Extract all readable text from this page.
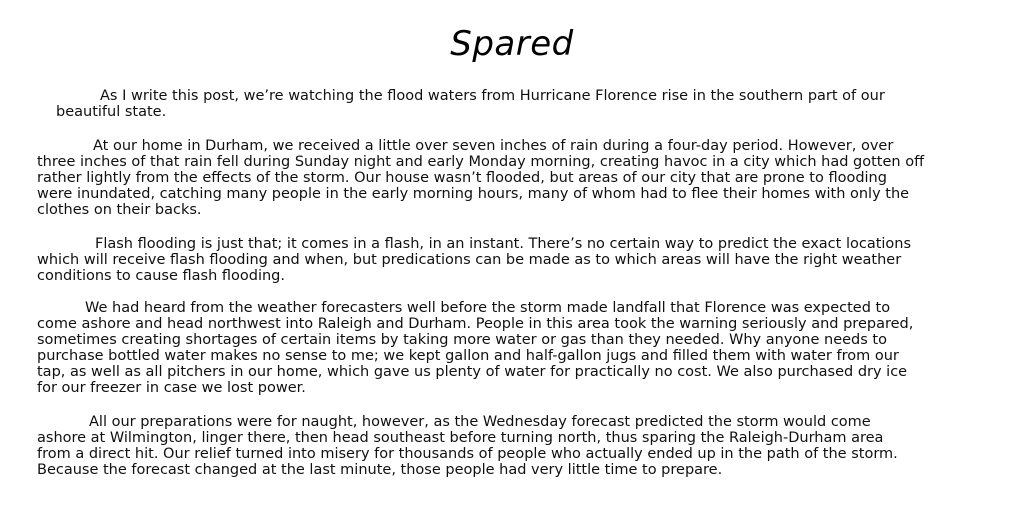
Spared

As I write this post, we’re watching the flood waters from Hurricane Florence rise in the southern part of our
beautiful state.

At our home in Durham, we received a little over seven inches of rain during a four-day period. However, over
three inches of that rain fell during Sunday night and early Monday morning, creating havoc in a city which had gotten off
rather lightly from the effects of the storm. Our house wasn’t flooded, but areas of our city that are prone to flooding
were inundated, catching many people in the early morning hours, many of whom had to flee their homes with only the
clothes on their backs.

Flash flooding is just that; it comes in a flash, in an instant. There’s no certain way to predict the exact locations
which will receive flash flooding and when, but predications can be made as to which areas will have the right weather
conditions to cause flash flooding.

We had heard from the weather forecasters well before the storm made landfall that Florence was expected to
come ashore and head northwest into Raleigh and Durham. People in this area took the warning seriously and prepared,
sometimes creating shortages of certain items by taking more water or gas than they needed. Why anyone needs to
purchase bottled water makes no sense to me; we kept gallon and half-gallon jugs and filled them with water from our
tap, as well as all pitchers in our home, which gave us plenty of water for practically no cost. We also purchased dry ice
for our freezer in case we lost power.

All our preparations were for naught, however, as the Wednesday forecast predicted the storm would come
ashore at Wilmington, linger there, then head southeast before turning north, thus sparing the Raleigh-Durham area
from a direct hit. Our relief turned into misery for thousands of people who actually ended up in the path of the storm.
Because the forecast changed at the last minute, those people had very little time to prepare.
